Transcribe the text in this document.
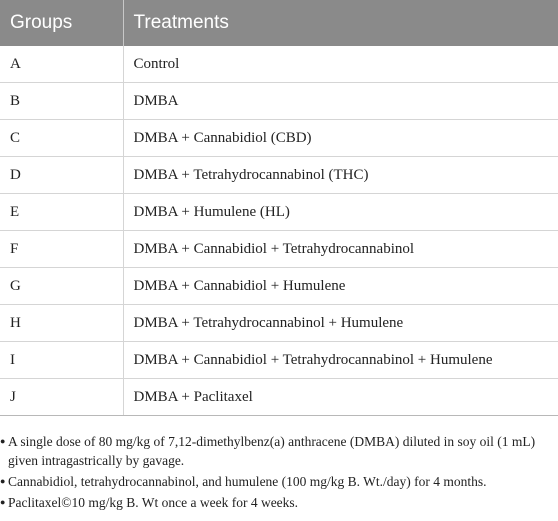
Groups	Treatments
A	Control
B	DMBA
C	DMBA + Cannabidiol (CBD)
D	DMBA + Tetrahydrocannabinol (THC)
E	DMBA + Humulene (HL)
F	DMBA + Cannabidiol + Tetrahydrocannabinol
G	DMBA + Cannabidiol + Humulene
H	DMBA + Tetrahydrocannabinol + Humulene
I	DMBA + Cannabidiol + Tetrahydrocannabinol + Humulene
J	DMBA + Paclitaxel
● A single dose of 80 mg/kg of 7,12-dimethylbenz(a) anthracene (DMBA) diluted in soy oil (1 mL) given intragastrically by gavage.
● Cannabidiol, tetrahydrocannabinol, and humulene (100 mg/kg B. Wt./day) for 4 months.
● Paclitaxel©10 mg/kg B. Wt once a week for 4 weeks.
